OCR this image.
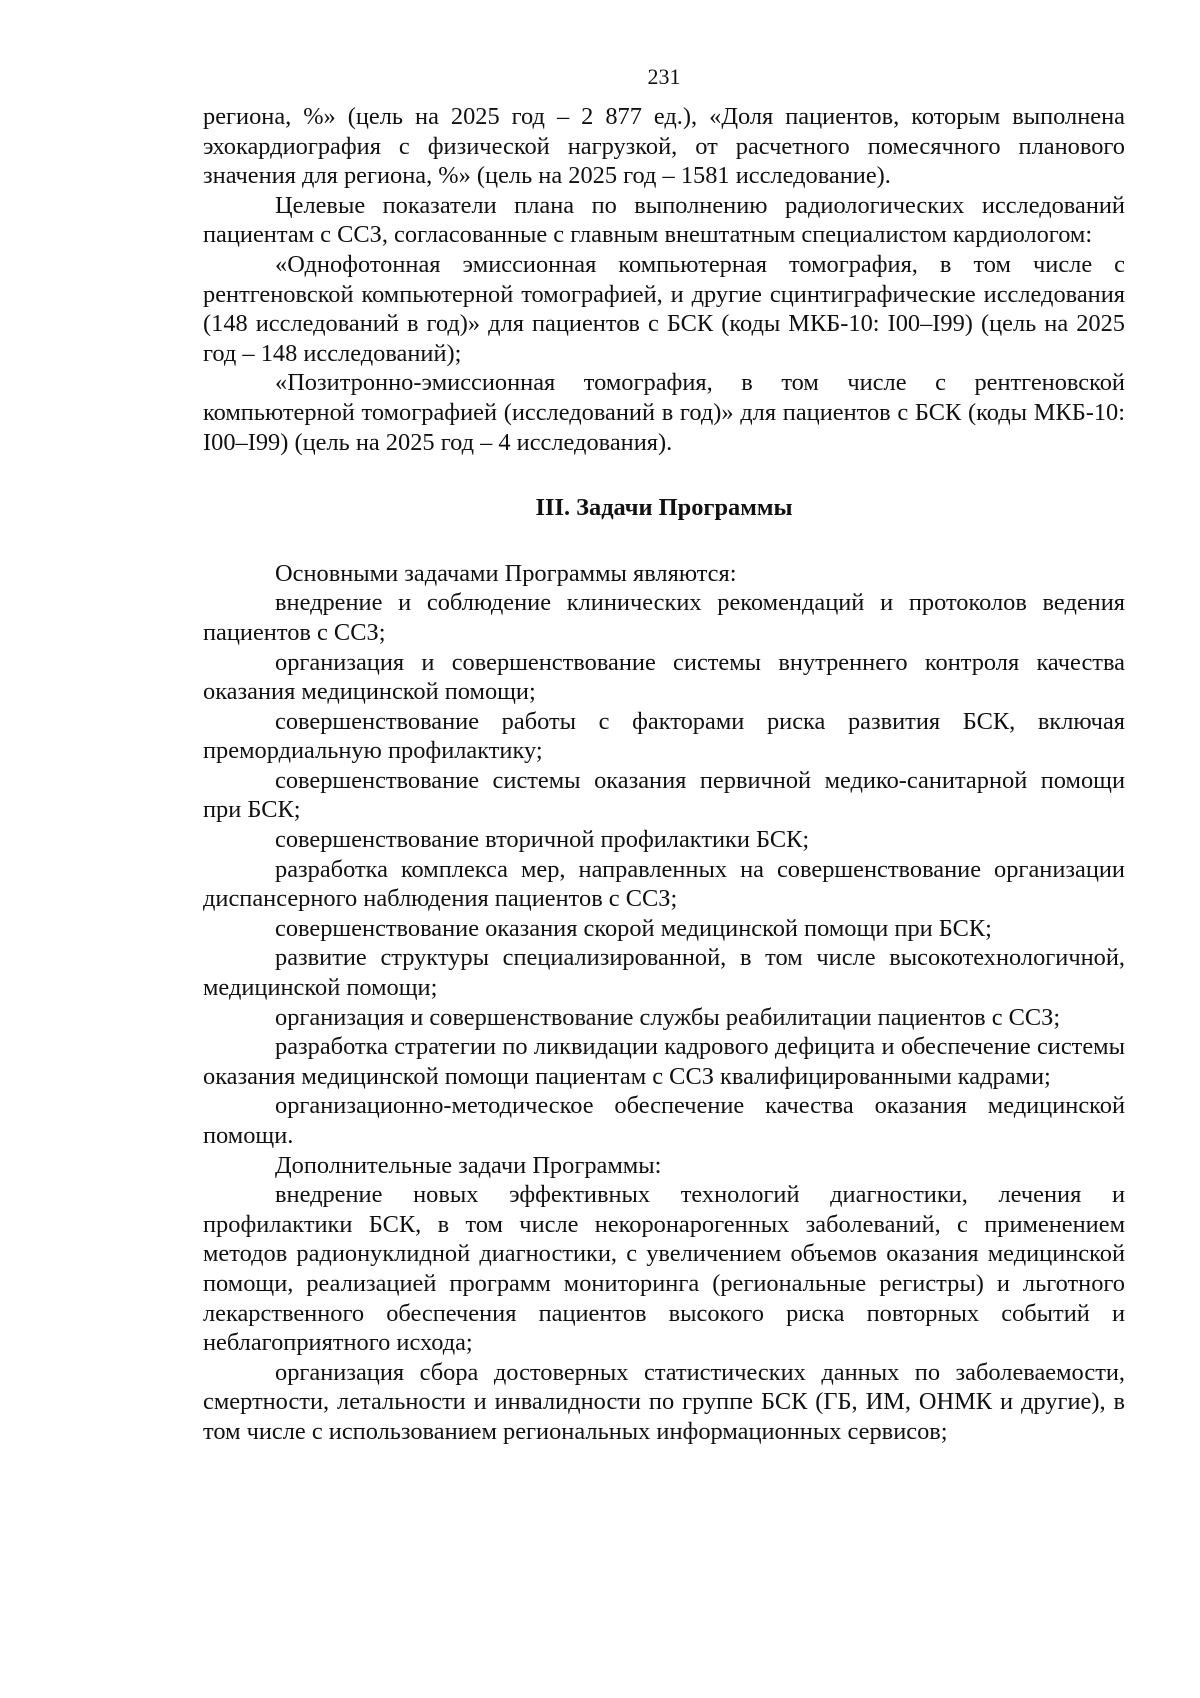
231

региона, %» (цель на 2025 год – 2 877 ед.), «Доля пациентов, которым выполнена эхокардиография с физической нагрузкой, от расчетного помесячного планового значения для региона, %» (цель на 2025 год – 1581 исследование).

Целевые показатели плана по выполнению радиологических исследований пациентам с ССЗ, согласованные с главным внештатным специалистом кардиологом:

«Однофотонная эмиссионная компьютерная томография, в том числе с рентгеновской компьютерной томографией, и другие сцинтиграфические исследования (148 исследований в год)» для пациентов с БСК (коды МКБ-10: I00–I99) (цель на 2025 год – 148 исследований);

«Позитронно-эмиссионная томография, в том числе с рентгеновской компьютерной томографией (исследований в год)» для пациентов с БСК (коды МКБ-10: I00–I99) (цель на 2025 год – 4 исследования).

III. Задачи Программы

Основными задачами Программы являются:

внедрение и соблюдение клинических рекомендаций и протоколов ведения пациентов с ССЗ;

организация и совершенствование системы внутреннего контроля качества оказания медицинской помощи;

совершенствование работы с факторами риска развития БСК, включая премордиальную профилактику;

совершенствование системы оказания первичной медико-санитарной помощи при БСК;

совершенствование вторичной профилактики БСК;

разработка комплекса мер, направленных на совершенствование организации диспансерного наблюдения пациентов с ССЗ;

совершенствование оказания скорой медицинской помощи при БСК;

развитие структуры специализированной, в том числе высокотехнологичной, медицинской помощи;

организация и совершенствование службы реабилитации пациентов с ССЗ;

разработка стратегии по ликвидации кадрового дефицита и обеспечение системы оказания медицинской помощи пациентам с ССЗ квалифицированными кадрами;

организационно-методическое обеспечение качества оказания медицинской помощи.

Дополнительные задачи Программы:

внедрение новых эффективных технологий диагностики, лечения и профилактики БСК, в том числе некоронарогенных заболеваний, с применением методов радионуклидной диагностики, с увеличением объемов оказания медицинской помощи, реализацией программ мониторинга (региональные регистры) и льготного лекарственного обеспечения пациентов высокого риска повторных событий и неблагоприятного исхода;

организация сбора достоверных статистических данных по заболеваемости, смертности, летальности и инвалидности по группе БСК (ГБ, ИМ, ОНМК и другие), в том числе с использованием региональных информационных сервисов;
